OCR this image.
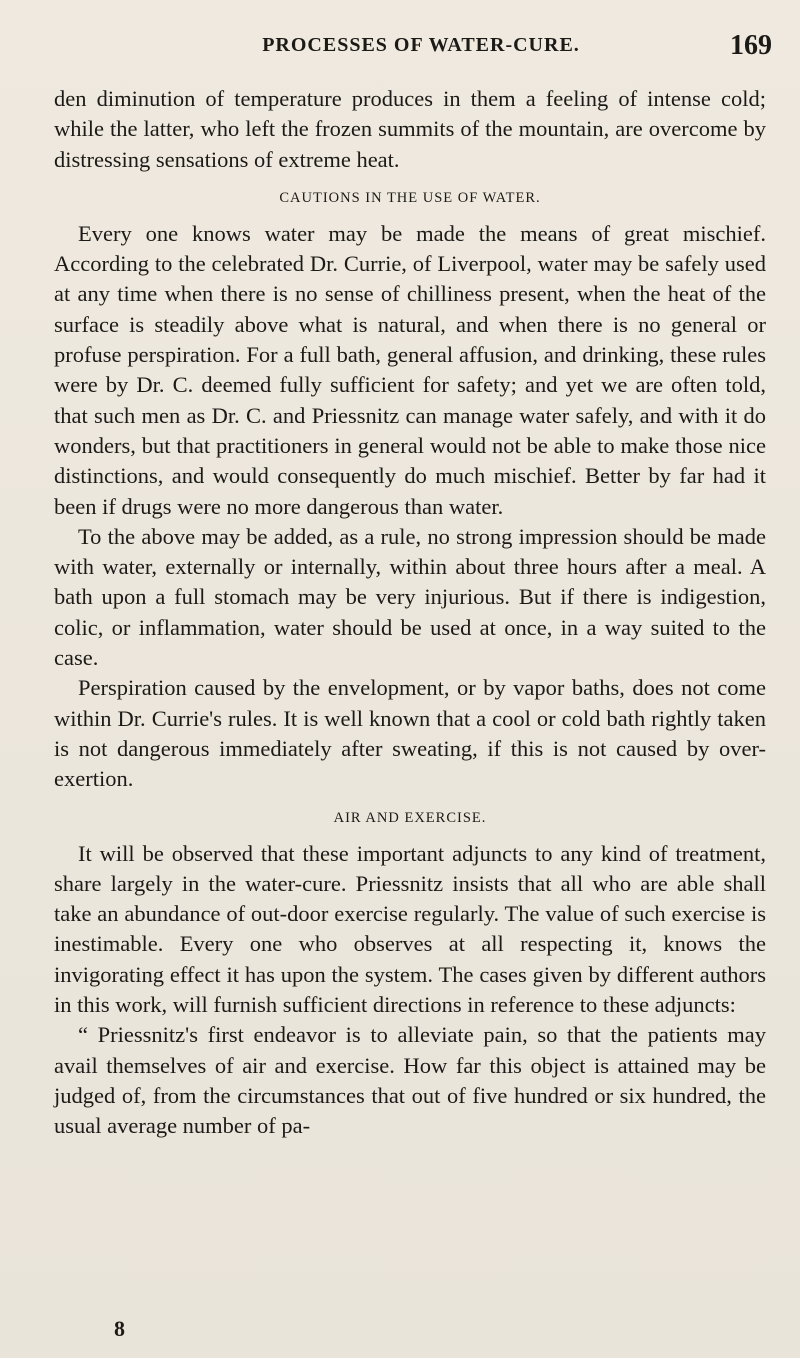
PROCESSES OF WATER-CURE.	169

den diminution of temperature produces in them a feeling of intense cold; while the latter, who left the frozen summits of the mountain, are overcome by distressing sensations of extreme heat.

CAUTIONS IN THE USE OF WATER.

Every one knows water may be made the means of great mischief. According to the celebrated Dr. Currie, of Liverpool, water may be safely used at any time when there is no sense of chilliness present, when the heat of the surface is steadily above what is natural, and when there is no general or profuse perspiration. For a full bath, general affusion, and drinking, these rules were by Dr. C. deemed fully sufficient for safety; and yet we are often told, that such men as Dr. C. and Priessnitz can manage water safely, and with it do wonders, but that practitioners in general would not be able to make those nice distinctions, and would consequently do much mischief. Better by far had it been if drugs were no more dangerous than water.

To the above may be added, as a rule, no strong impression should be made with water, externally or internally, within about three hours after a meal. A bath upon a full stomach may be very injurious. But if there is indigestion, colic, or inflammation, water should be used at once, in a way suited to the case.

Perspiration caused by the envelopment, or by vapor baths, does not come within Dr. Currie's rules. It is well known that a cool or cold bath rightly taken is not dangerous immediately after sweating, if this is not caused by over-exertion.

AIR AND EXERCISE.

It will be observed that these important adjuncts to any kind of treatment, share largely in the water-cure. Priessnitz insists that all who are able shall take an abundance of out-door exercise regularly. The value of such exercise is inestimable. Every one who observes at all respecting it, knows the invigorating effect it has upon the system. The cases given by different authors in this work, will furnish sufficient directions in reference to these adjuncts:

“ Priessnitz's first endeavor is to alleviate pain, so that the patients may avail themselves of air and exercise. How far this object is attained may be judged of, from the circumstances that out of five hundred or six hundred, the usual average number of pa-

8
